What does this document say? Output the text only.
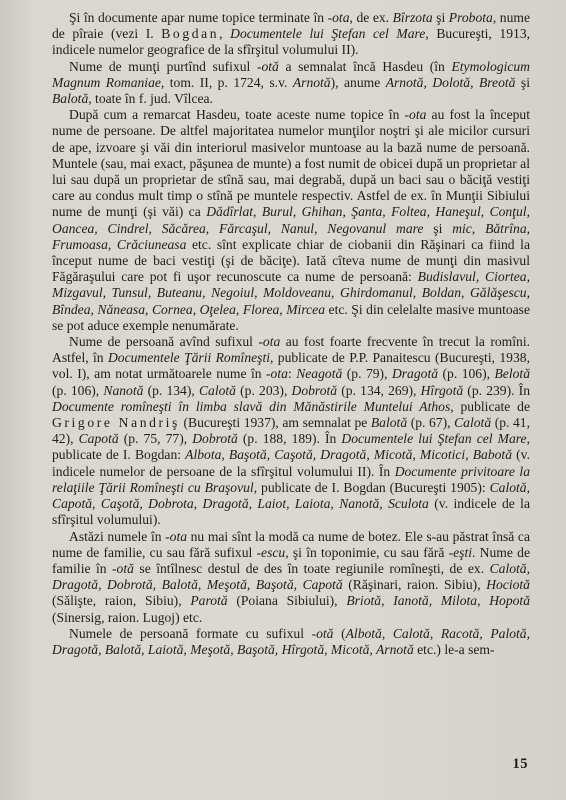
Şi în documente apar nume topice terminate în -ota, de ex. Bîrzota şi Probota, nume de pîraie (vezi I. Bogdan, Documentele lui Ştefan cel Mare, Bucureşti, 1913, indicele numelor geografice de la sfîrşitul volumului II).

Nume de munţi purtînd sufixul -otă a semnalat încă Hasdeu (în Etymologicum Magnum Romaniae, tom. II, p. 1724, s.v. Arnotă), anume Arnotă, Dolotă, Breotă şi Balotă, toate în f. jud. Vîlcea.

După cum a remarcat Hasdeu, toate aceste nume topice în -ota au fost la început nume de persoane. De altfel majoritatea numelor munţilor noştri şi ale micilor cursuri de ape, izvoare şi văi din interiorul masivelor muntoase au la bază nume de persoană. Muntele (sau, mai exact, păşunea de munte) a fost numit de obicei după un proprietar al lui sau după un proprietar de stînă sau, mai degrabă, după un baci sau o băciţă vestiţi care au condus mult timp o stînă pe muntele respectiv. Astfel de ex. în Munţii Sibiului nume de munţi (şi văi) ca Dădîrlat, Burul, Ghihan, Şanta, Foltea, Haneşul, Conţul, Oancea, Cindrel, Săcărea, Fărcaşul, Nanul, Negovanul mare şi mic, Bătrîna, Frumoasa, Crăciuneasa etc. sînt explicate chiar de ciobanii din Răşinari ca fiind la început nume de baci vestiţi (şi de băciţe). Iată cîteva nume de munţi din masivul Făgăraşului care pot fi uşor recunoscute ca nume de persoană: Budislavul, Ciortea, Mizgavul, Tunsul, Buteanu, Negoiul, Moldoveanu, Ghirdomanul, Boldan, Gălăşescu, Bîndea, Năneasa, Cornea, Oţelea, Florea, Mircea etc. Şi din celelalte masive muntoase se pot aduce exemple nenumărate.

Nume de persoană avînd sufixul -ota au fost foarte frecvente în trecut la romîni. Astfel, în Documentele Ţării Romîneşti, publicate de P.P. Panaitescu (Bucureşti, 1938, vol. I), am notat următoarele nume în -ota: Neagotă (p. 79), Dragotă (p. 106), Belotă (p. 106), Nanotă (p. 134), Calotă (p. 203), Dobrotă (p. 134, 269), Hîrgotă (p. 239). În Documente romîneşti în limba slavă din Mănăstirile Muntelui Athos, publicate de Grigore Nandriş (Bucureşti 1937), am semnalat pe Balotă (p. 67), Calotă (p. 41, 42), Capotă (p. 75, 77), Dobrotă (p. 188, 189). În Documentele lui Ştefan cel Mare, publicate de I. Bogdan: Albota, Başotă, Caşotă, Dragotă, Micotă, Micotici, Babotă (v. indicele numelor de persoane de la sfîrşitul volumului II). În Documente privitoare la relaţiile Ţării Romîneşti cu Braşovul, publicate de I. Bogdan (Bucureşti 1905): Calotă, Capotă, Caşotă, Dobrota, Dragotă, Laiot, Laiota, Nanotă, Sculota (v. indicele de la sfîrşitul volumului).

Astăzi numele în -ota nu mai sînt la modă ca nume de botez. Ele s-au păstrat însă ca nume de familie, cu sau fără sufixul -escu, şi în toponimie, cu sau fără -eşti. Nume de familie în -otă se întîlnesc destul de des în toate regiunile romîneşti, de ex. Calotă, Dragotă, Dobrotă, Balotă, Meşotă, Başotă, Capotă (Răşinari, raion. Sibiu), Hociotă (Sălişte, raion, Sibiu), Parotă (Poiana Sibiului), Briotă, Ianotă, Milota, Hopotă (Sinersig, raion. Lugoj) etc.

Numele de persoană formate cu sufixul -otă (Albotă, Calotă, Racotă, Palotă, Dragotă, Balotă, Laiotă, Meşotă, Başotă, Hîrgotă, Micotă, Arnotă etc.) le-a sem-

15
